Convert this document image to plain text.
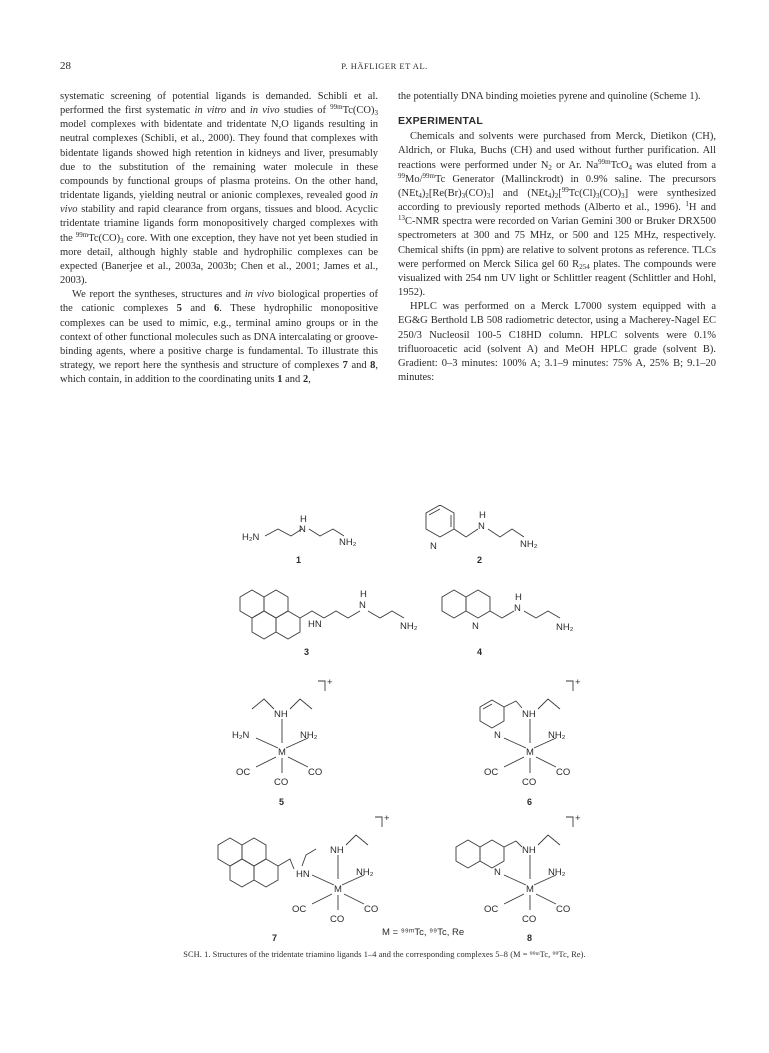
28	P. HÄFLIGER ET AL.

systematic screening of potential ligands is demanded. Schibli et al. performed the first systematic in vitro and in vivo studies of $^{99m}Tc(CO)_3$ model complexes with bidentate and tridentate N,O ligands resulting in neutral complexes (Schibli, et al., 2000). They found that complexes with bidentate ligands showed high retention in kidneys and liver, presumably due to the substitution of the remaining water molecule in these compounds by functional groups of plasma proteins. On the other hand, tridentate ligands, yielding neutral or anionic complexes, revealed good in vivo stability and rapid clearance from organs, tissues and blood. Acyclic tridentate triamine ligands form monopositively charged complexes with the $^{99m}Tc(CO)_3$ core. With one exception, they have not yet been studied in more detail, although highly stable and hydrophilic complexes can be expected (Banerjee et al., 2003a, 2003b; Chen et al., 2001; James et al., 2003).

We report the syntheses, structures and in vivo biological properties of the cationic complexes 5 and 6. These hydrophilic monopositive complexes can be used to mimic, e.g., terminal amino groups or in the context of other functional molecules such as DNA intercalating or groove-binding agents, where a positive charge is fundamental. To illustrate this strategy, we report here the synthesis and structure of complexes 7 and 8, which contain, in addition to the coordinating units 1 and 2,

the potentially DNA binding moieties pyrene and quinoline (Scheme 1).

EXPERIMENTAL

Chemicals and solvents were purchased from Merck, Dietikon (CH), Aldrich, or Fluka, Buchs (CH) and used without further purification. All reactions were performed under $N_2$ or Ar. $Na^{99m}TcO_4$ was eluted from a $^{99}$Mo/$^{99m}$Tc Generator (Mallinckrodt) in 0.9% saline. The precursors $(NEt_4)_2[Re(Br)_3(CO)_3]$ and $(NEt_4)_2[^{99}Tc(Cl)_3(CO)_3]$ were synthesized according to previously reported methods (Alberto et al., 1996). $^1$H and $^{13}$C-NMR spectra were recorded on Varian Gemini 300 or Bruker DRX500 spectrometers at 300 and 75 MHz, or 500 and 125 MHz, respectively. Chemical shifts (in ppm) are relative to solvent protons as reference. TLCs were performed on Merck Silica gel 60 $R_{254}$ plates. The compounds were visualized with 254 nm UV light or Schlittler reagent (Schlittler and Hohl, 1952).

HPLC was performed on a Merck L7000 system equipped with a EG&G Berthold LB 508 radiometric detector, using a Macherey-Nagel EC 250/3 Nucleosil 100-5 C18HD column. HPLC solvents were 0.1% trifluoroacetic acid (solvent A) and MeOH HPLC grade (solvent B). Gradient: 0–3 minutes: 100% A; 3.1–9 minutes: 75% A, 25% B; 9.1–20 minutes:

H₂N
H
N
NH₂
1
N
H
N
NH₂
2
HN
H
N
NH₂
3
N
H
N
NH₂
4
+
NH
H₂N	NH₂
M
OC	CO
CO
5
+
NH
N	NH₂
M
OC	CO
CO
6
+
HN
NH
NH₂
M
OC	CO
CO
7
+
NH
N	NH₂
M
OC	CO
CO
8
M = ⁹⁹ᵐTc, ⁹⁹Tc, Re
SCH. 1. Structures of the tridentate triamino ligands 1–4 and the corresponding complexes 5–8 (M = ⁹⁹ᵐTc, ⁹⁹Tc, Re).
